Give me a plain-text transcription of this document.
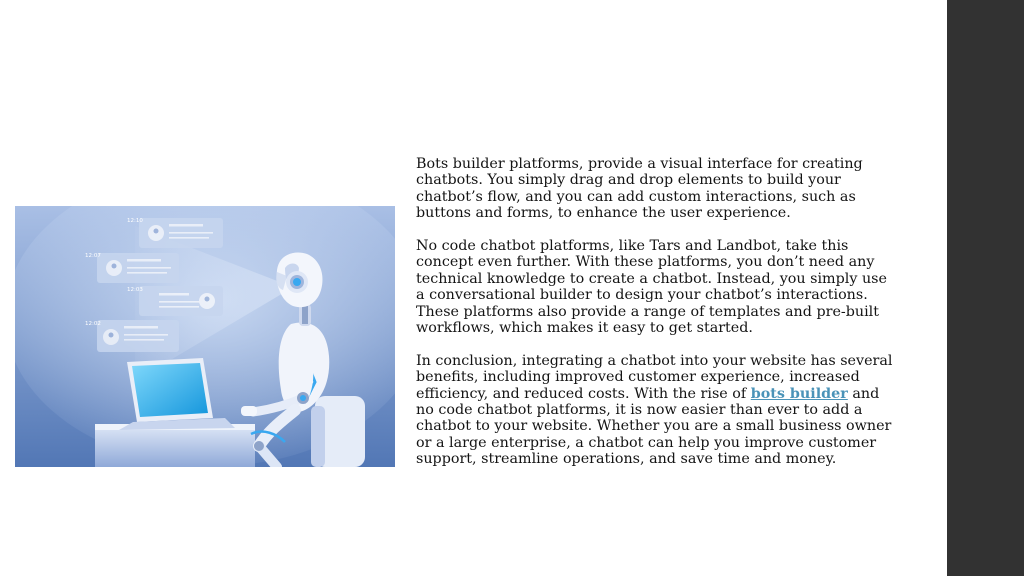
12:10
12:07
12:03
12:02

Bots builder platforms, provide a visual interface for creating chatbots. You simply drag and drop elements to build your chatbot’s flow, and you can add custom interactions, such as buttons and forms, to enhance the user experience.

No code chatbot platforms, like Tars and Landbot, take this concept even further. With these platforms, you don’t need any technical knowledge to create a chatbot. Instead, you simply use a conversational builder to design your chatbot’s interactions. These platforms also provide a range of templates and pre-built workflows, which makes it easy to get started.

In conclusion, integrating a chatbot into your website has several benefits, including improved customer experience, increased efficiency, and reduced costs. With the rise of bots builder and no code chatbot platforms, it is now easier than ever to add a chatbot to your website. Whether you are a small business owner or a large enterprise, a chatbot can help you improve customer support, streamline operations, and save time and money.
